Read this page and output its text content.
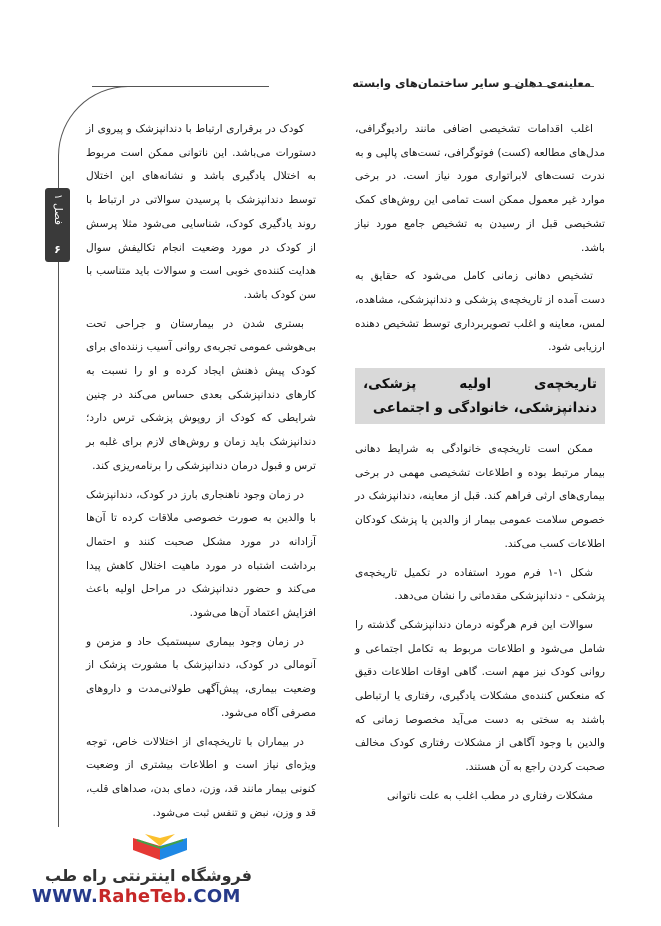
معاینه‌ی دهان و سایر ساختمان‌های وابسته
فصل ۱
۶

اغلب اقدامات تشخیصی اضافی مانند رادیوگرافی، مدل‌های مطالعه (کست) فوتوگرافی، تست‌های پالپی و به ندرت تست‌های لابراتواری مورد نیاز است. در برخی موارد غیر معمول ممکن است تمامی این روش‌های کمک تشخیصی قبل از رسیدن به تشخیص جامع مورد نیاز باشد.

تشخیص دهانی زمانی کامل می‌شود که حقایق به دست آمده از تاریخچه‌ی پزشکی و دندانپزشکی، مشاهده، لمس، معاینه و اغلب تصویربرداری توسط تشخیص دهنده ارزیابی شود.

تاریخچه‌ی اولیه پزشکی، دندانپزشکی، خانوادگی و اجتماعی

ممکن است تاریخچه‌ی خانوادگی به شرایط دهانی بیمار مرتبط بوده و اطلاعات تشخیصی مهمی در برخی بیماری‌های ارثی فراهم کند. قبل از معاینه، دندانپزشک در خصوص سلامت عمومی بیمار از والدین یا پزشک کودکان اطلاعات کسب می‌کند.

شکل ۱-۱ فرم مورد استفاده در تکمیل تاریخچه‌ی پزشکی - دندانپزشکی مقدماتی را نشان می‌دهد.

سوالات این فرم هرگونه درمان دندانپزشکی گذشته را شامل می‌شود و اطلاعات مربوط به تکامل اجتماعی و روانی کودک نیز مهم است. گاهی اوقات اطلاعات دقیق که منعکس کننده‌ی مشکلات یادگیری، رفتاری یا ارتباطی باشند به سختی به دست می‌آید مخصوصا زمانی که والدین با وجود آگاهی از مشکلات رفتاری کودک مخالف صحبت کردن راجع به آن هستند.

مشکلات رفتاری در مطب اغلب به علت ناتوانی

کودک در برقراری ارتباط با دندانپزشک و پیروی از دستورات می‌باشد. این ناتوانی ممکن است مربوط به اختلال یادگیری باشد و نشانه‌های این اختلال توسط دندانپزشک با پرسیدن سوالاتی در ارتباط با روند یادگیری کودک، شناسایی می‌شود مثلا پرسش از کودک در مورد وضعیت انجام تکالیفش سوال هدایت کننده‌ی خوبی است و سوالات باید متناسب با سن کودک باشد.

بستری شدن در بیمارستان و جراحی تحت بی‌هوشی عمومی تجربه‌ی روانی آسیب زننده‌ای برای کودک پیش ذهنش ایجاد کرده و او را نسبت به کارهای دندانپزشکی بعدی حساس می‌کند در چنین شرایطی که کودک از روپوش پزشکی ترس دارد؛ دندانپزشک باید زمان و روش‌های لازم برای غلبه بر ترس و قبول درمان دندانپزشکی را برنامه‌ریزی کند.

در زمان وجود ناهنجاری بارز در کودک، دندانپزشک با والدین به صورت خصوصی ملاقات کرده تا آن‌ها آزادانه در مورد مشکل صحبت کنند و احتمال برداشت اشتباه در مورد ماهیت اختلال کاهش پیدا می‌کند و حضور دندانپزشک در مراحل اولیه باعث افزایش اعتماد آن‌ها می‌شود.

در زمان وجود بیماری سیستمیک حاد و مزمن و آنومالی در کودک، دندانپزشک با مشورت پزشک از وضعیت بیماری، پیش‌آگهی طولانی‌مدت و داروهای مصرفی آگاه می‌شود.

در بیماران با تاریخچه‌ای از اختلالات خاص، توجه ویژه‌ای نیاز است و اطلاعات بیشتری از وضعیت کنونی بیمار مانند قد، وزن، دمای بدن، صداهای قلب، قد و وزن، نبض و تنفس ثبت می‌شود.

فروشگاه اینترنتی راه طب
WWW.RaheTeb.COM
